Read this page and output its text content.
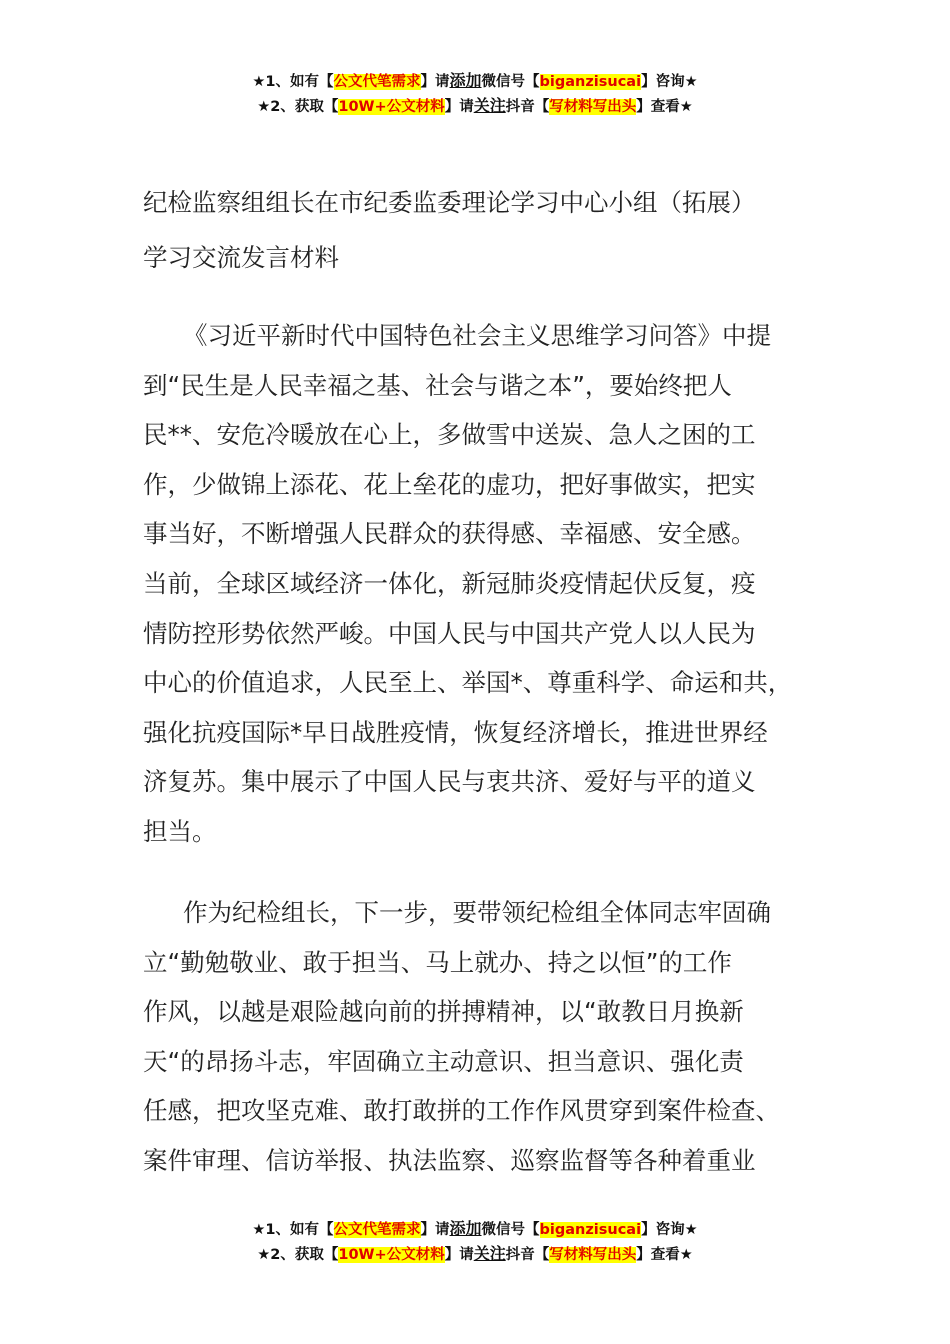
★1、如有【公文代笔需求】请添加微信号【biganzisucai】咨询★
★2、获取【10W+公文材料】请关注抖音【写材料写出头】查看★
纪检监察组组长在市纪委监委理论学习中心小组（拓展）
学习交流发言材料
《习近平新时代中国特色社会主义思维学习问答》中提
到“民生是人民幸福之基、社会与谐之本”，要始终把人
民**、安危冷暖放在心上，多做雪中送炭、急人之困的工
作，少做锦上添花、花上垒花的虚功，把好事做实，把实
事当好，不断增强人民群众的获得感、幸福感、安全感。
当前，全球区域经济一体化，新冠肺炎疫情起伏反复，疫
情防控形势依然严峻。中国人民与中国共产党人以人民为
中心的价值追求，人民至上、举国*、尊重科学、命运和共，
强化抗疫国际*早日战胜疫情，恢复经济增长，推进世界经
济复苏。集中展示了中国人民与衷共济、爱好与平的道义
担当。
作为纪检组长，下一步，要带领纪检组全体同志牢固确
立“勤勉敬业、敢于担当、马上就办、持之以恒”的工作
作风，以越是艰险越向前的拼搏精神，以“敢教日月换新
天“的昂扬斗志，牢固确立主动意识、担当意识、强化责
任感，把攻坚克难、敢打敢拼的工作作风贯穿到案件检查、
案件审理、信访举报、执法监察、巡察监督等各种着重业
★1、如有【公文代笔需求】请添加微信号【biganzisucai】咨询★
★2、获取【10W+公文材料】请关注抖音【写材料写出头】查看★
